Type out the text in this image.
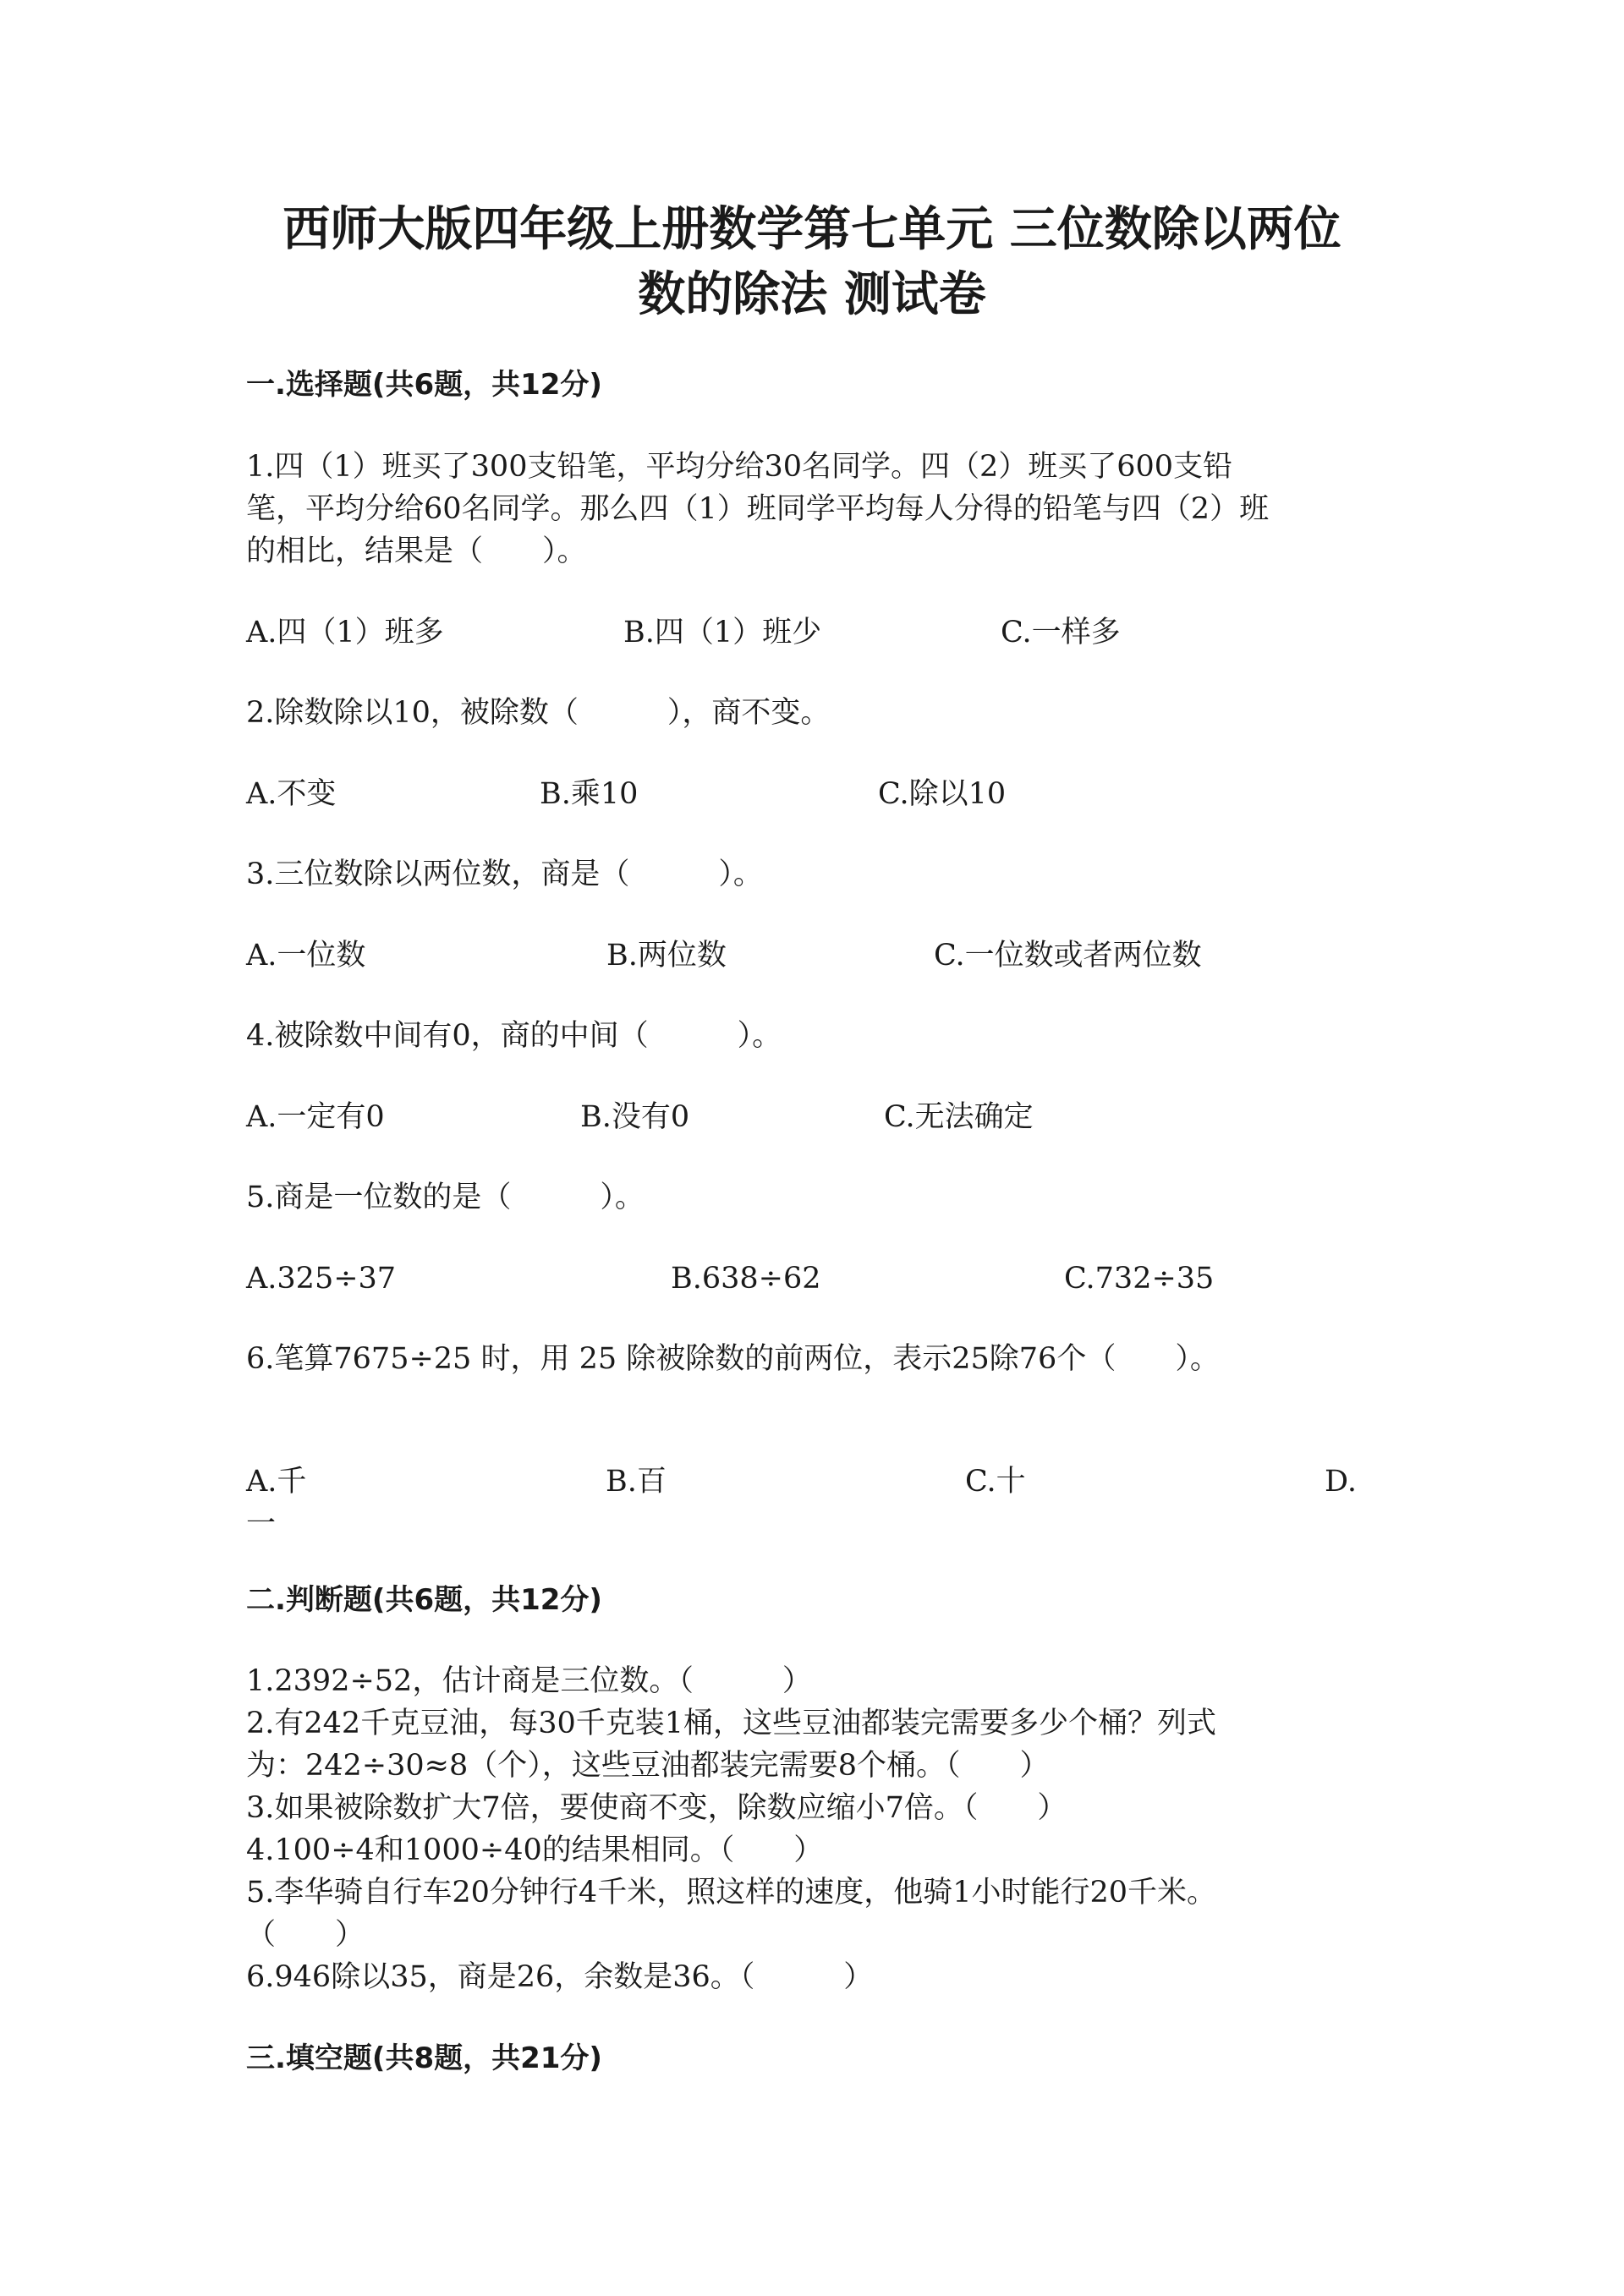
西师大版四年级上册数学第七单元 三位数除以两位
数的除法 测试卷
一.选择题(共6题，共12分)

1.四（1）班买了300支铅笔，平均分给30名同学。四（2）班买了600支铅

笔，平均分给60名同学。那么四（1）班同学平均每人分得的铅笔与四（2）班

的相比，结果是（　　）。

A.四（1）班多	B.四（1）班少	C.一样多

2.除数除以10，被除数（　　　），商不变。

A.不变	B.乘10	C.除以10

3.三位数除以两位数，商是（　　　）。

A.一位数	B.两位数	C.一位数或者两位数

4.被除数中间有0，商的中间（　　　）。

A.一定有0	B.没有0	C.无法确定

5.商是一位数的是（　　　）。

A.325÷37	B.638÷62	C.732÷35

6.笔算7675÷25 时，用 25 除被除数的前两位，表示25除76个（　　）。

A.千	B.百	C.十	D.
一
二.判断题(共6题，共12分)

1.2392÷52，估计商是三位数。（　　　）

2.有242千克豆油，每30千克装1桶，这些豆油都装完需要多少个桶？列式

为：242÷30≈8（个），这些豆油都装完需要8个桶。（　　）

3.如果被除数扩大7倍，要使商不变，除数应缩小7倍。（　　）

4.100÷4和1000÷40的结果相同。（　　）

5.李华骑自行车20分钟行4千米，照这样的速度，他骑1小时能行20千米。

（　　）

6.946除以35，商是26，余数是36。（　　　）

三.填空题(共8题，共21分)
